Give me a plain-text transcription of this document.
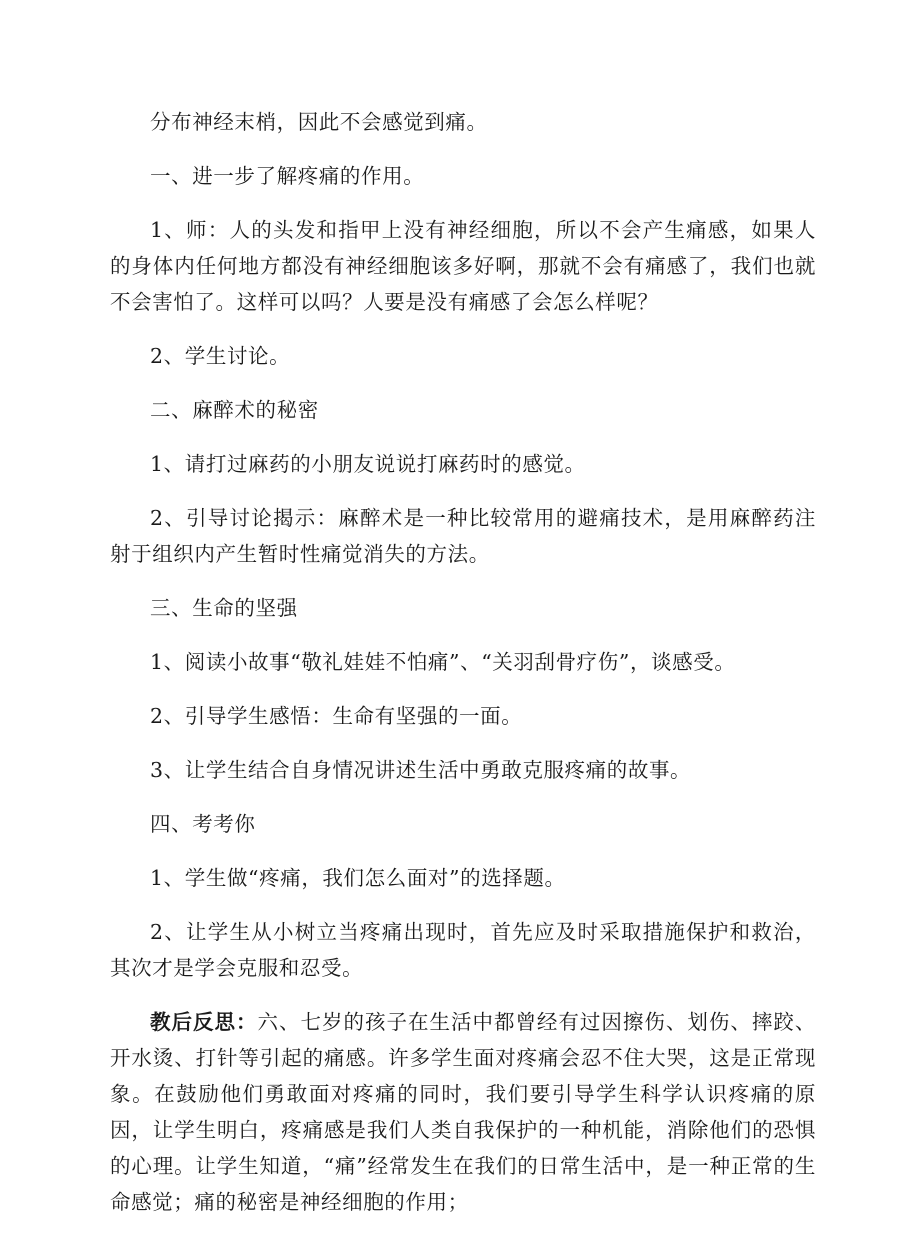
分布神经末梢，因此不会感觉到痛。

一、进一步了解疼痛的作用。

1、师：人的头发和指甲上没有神经细胞，所以不会产生痛感，如果人的身体内任何地方都没有神经细胞该多好啊，那就不会有痛感了，我们也就不会害怕了。这样可以吗？人要是没有痛感了会怎么样呢？

2、学生讨论。

二、麻醉术的秘密

1、请打过麻药的小朋友说说打麻药时的感觉。

2、引导讨论揭示：麻醉术是一种比较常用的避痛技术，是用麻醉药注射于组织内产生暂时性痛觉消失的方法。

三、生命的坚强

1、阅读小故事“敬礼娃娃不怕痛”、“关羽刮骨疗伤”，谈感受。

2、引导学生感悟：生命有坚强的一面。

3、让学生结合自身情况讲述生活中勇敢克服疼痛的故事。

四、考考你

1、学生做“疼痛，我们怎么面对”的选择题。

2、让学生从小树立当疼痛出现时，首先应及时采取措施保护和救治，其次才是学会克服和忍受。

教后反思：六、七岁的孩子在生活中都曾经有过因擦伤、划伤、摔跤、开水烫、打针等引起的痛感。许多学生面对疼痛会忍不住大哭，这是正常现象。在鼓励他们勇敢面对疼痛的同时，我们要引导学生科学认识疼痛的原因，让学生明白，疼痛感是我们人类自我保护的一种机能，消除他们的恐惧的心理。让学生知道，“痛”经常发生在我们的日常生活中，是一种正常的生命感觉；痛的秘密是神经细胞的作用；
